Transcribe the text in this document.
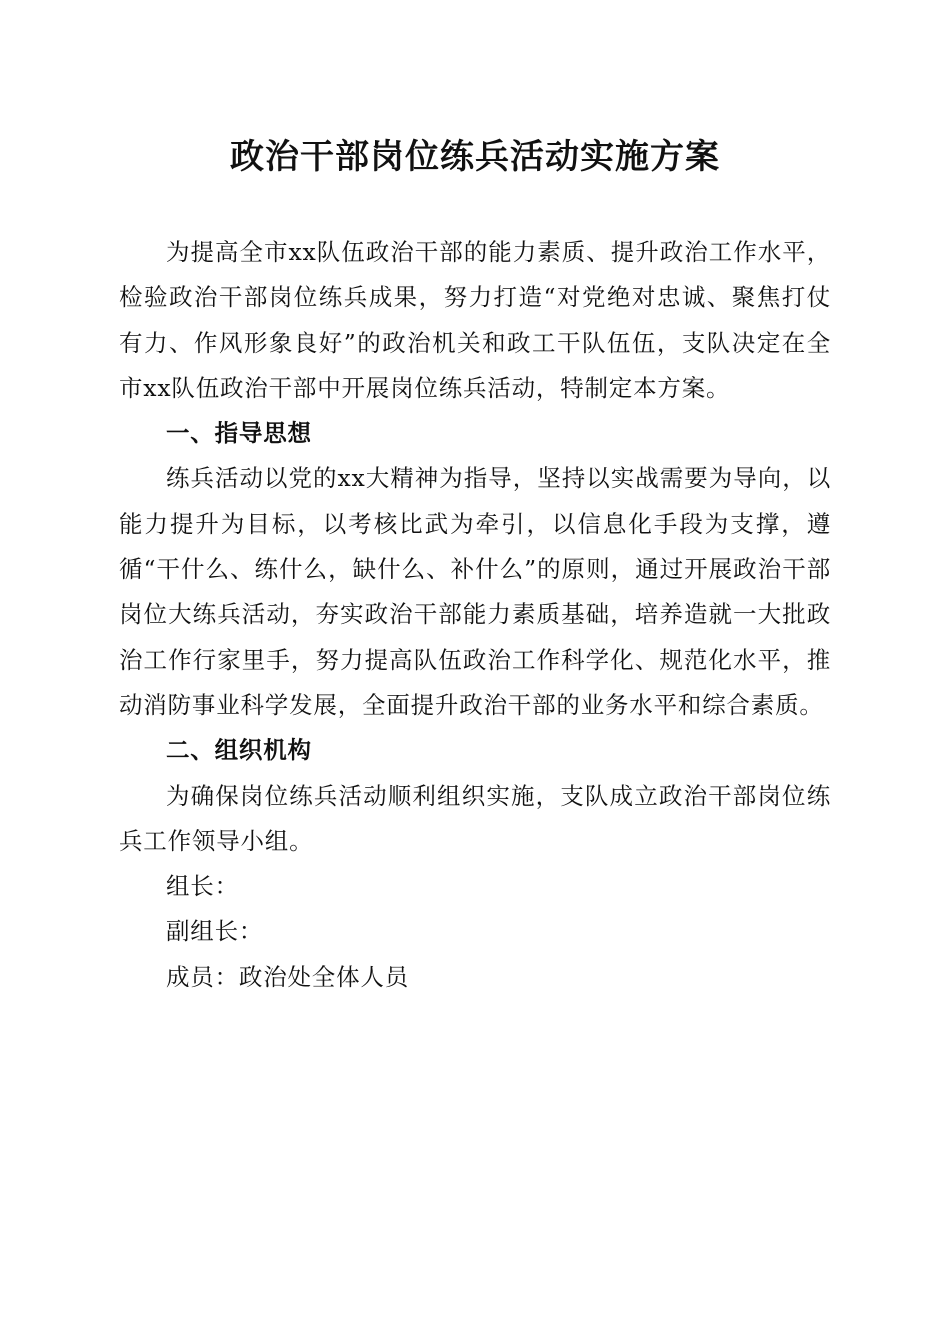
政治干部岗位练兵活动实施方案

为提高全市xx队伍政治干部的能力素质、提升政治工作水平，检验政治干部岗位练兵成果，努力打造“对党绝对忠诚、聚焦打仗有力、作风形象良好”的政治机关和政工干队伍伍，支队决定在全市xx队伍政治干部中开展岗位练兵活动，特制定本方案。

一、指导思想

练兵活动以党的xx大精神为指导，坚持以实战需要为导向，以能力提升为目标，以考核比武为牵引，以信息化手段为支撑，遵循“干什么、练什么，缺什么、补什么”的原则，通过开展政治干部岗位大练兵活动，夯实政治干部能力素质基础，培养造就一大批政治工作行家里手，努力提高队伍政治工作科学化、规范化水平，推动消防事业科学发展，全面提升政治干部的业务水平和综合素质。

二、组织机构

为确保岗位练兵活动顺利组织实施，支队成立政治干部岗位练兵工作领导小组。

组长：

副组长：

成员：政治处全体人员
